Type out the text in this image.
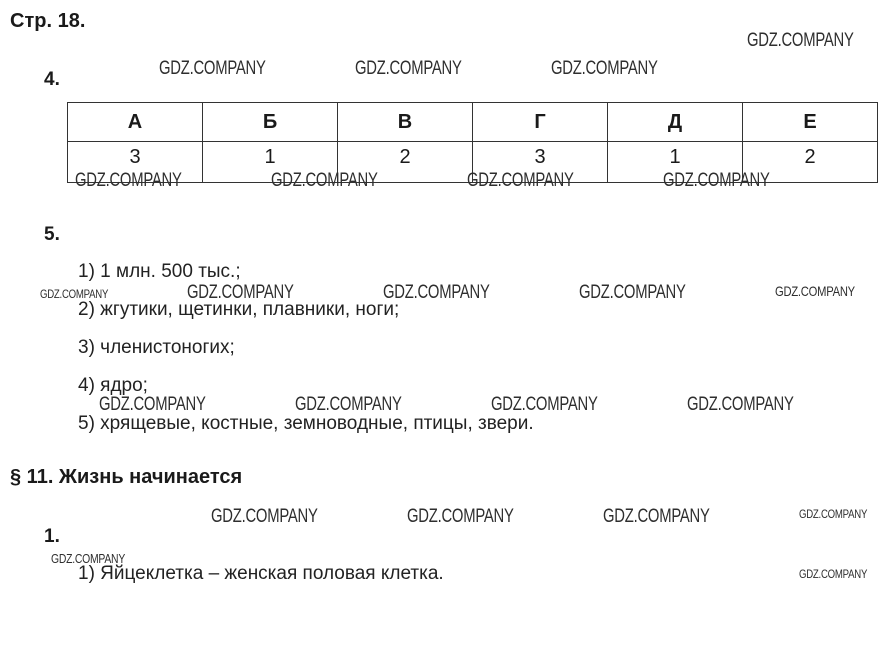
Стр. 18.
4.
А	Б	В	Г	Д	Е
3	1	2	3	1	2
5.
1) 1 млн. 500 тыс.;
2) жгутики, щетинки, плавники, ноги;
3) членистоногих;
4) ядро;
5) хрящевые, костные, земноводные, птицы, звери.
§ 11. Жизнь начинается
1.
1) Яйцеклетка – женская половая клетка.
GDZ.COMPANY
GDZ.COMPANY	GDZ.COMPANY	GDZ.COMPANY
GDZ.COMPANY	GDZ.COMPANY	GDZ.COMPANY	GDZ.COMPANY
GDZ.COMPANY	GDZ.COMPANY	GDZ.COMPANY	GDZ.COMPANY	GDZ.COMPANY
GDZ.COMPANY	GDZ.COMPANY	GDZ.COMPANY	GDZ.COMPANY
GDZ.COMPANY	GDZ.COMPANY	GDZ.COMPANY	GDZ.COMPANY
GDZ.COMPANY
GDZ.COMPANY
